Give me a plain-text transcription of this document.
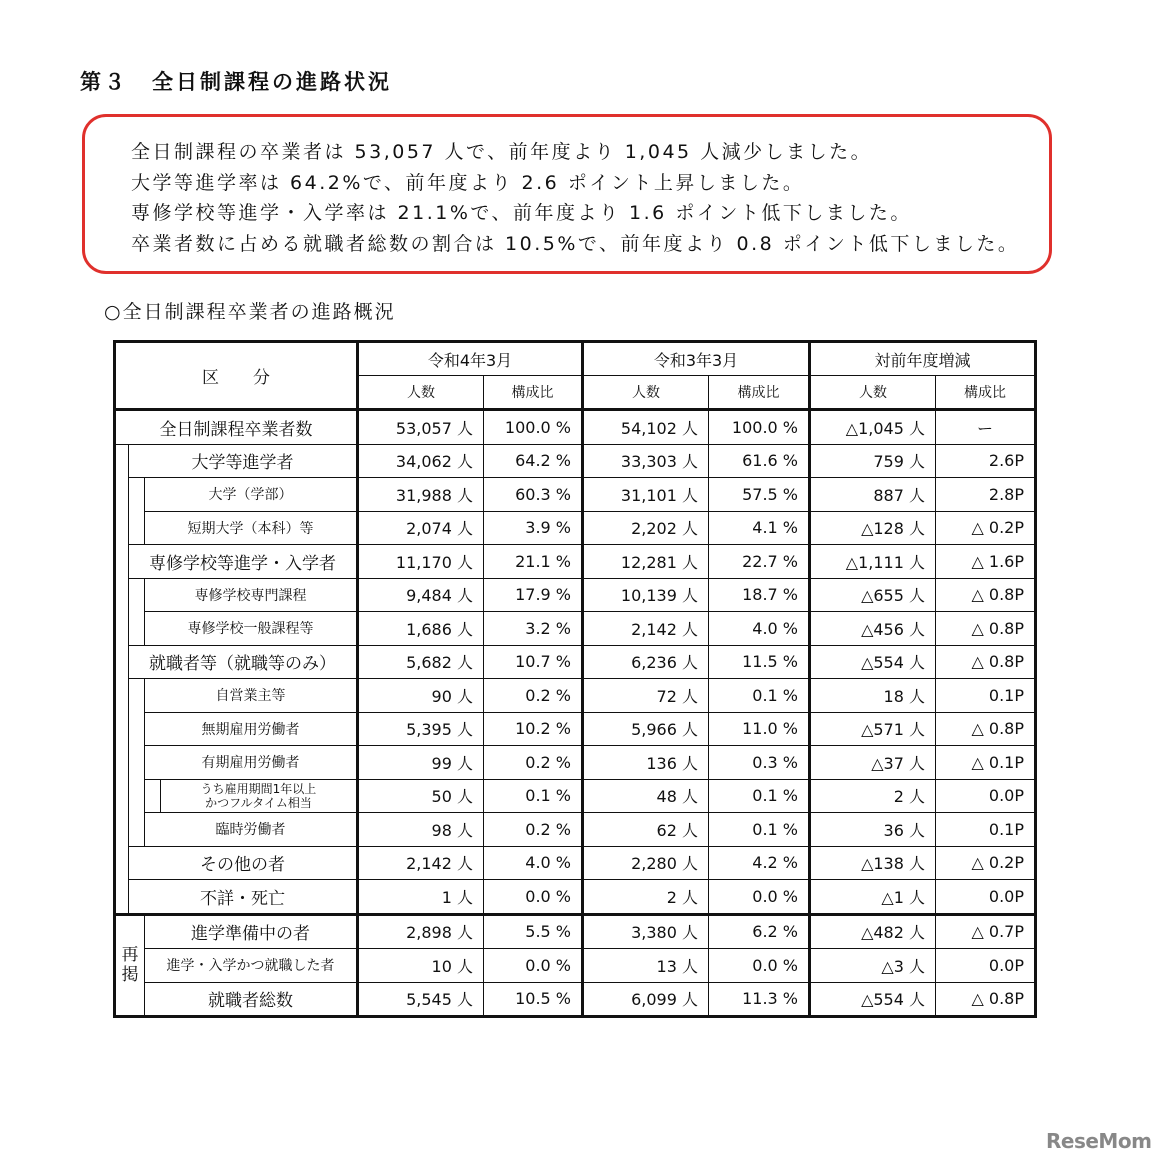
第３　全日制課程の進路状況
全日制課程の卒業者は 53,057 人で、前年度より 1,045 人減少しました。
大学等進学率は 64.2%で、前年度より 2.6 ポイント上昇しました。
専修学校等進学・入学率は 21.1%で、前年度より 1.6 ポイント低下しました。
卒業者数に占める就職者総数の割合は 10.5%で、前年度より 0.8 ポイント低下しました。
○全日制課程卒業者の進路概況
区　　分				令和4年3月		令和3年3月		対前年度増減	
				人数	構成比	人数	構成比	人数	構成比
全日制課程卒業者数				53,057 人	100.0 %	54,102 人	100.0 %	△1,045 人	ー
	大学等進学者			34,062 人	64.2 %	33,303 人	61.6 %	759 人	2.6P
		大学（学部）		31,988 人	60.3 %	31,101 人	57.5 %	887 人	2.8P
		短期大学（本科）等		2,074 人	3.9 %	2,202 人	4.1 %	△128 人	△ 0.2P
	専修学校等進学・入学者			11,170 人	21.1 %	12,281 人	22.7 %	△1,111 人	△ 1.6P
		専修学校専門課程		9,484 人	17.9 %	10,139 人	18.7 %	△655 人	△ 0.8P
		専修学校一般課程等		1,686 人	3.2 %	2,142 人	4.0 %	△456 人	△ 0.8P
	就職者等（就職等のみ）			5,682 人	10.7 %	6,236 人	11.5 %	△554 人	△ 0.8P
		自営業主等		90 人	0.2 %	72 人	0.1 %	18 人	0.1P
		無期雇用労働者		5,395 人	10.2 %	5,966 人	11.0 %	△571 人	△ 0.8P
		有期雇用労働者		99 人	0.2 %	136 人	0.3 %	△37 人	△ 0.1P
			うち雇用期間1年以上
かつフルタイム相当	50 人	0.1 %	48 人	0.1 %	2 人	0.0P
		臨時労働者		98 人	0.2 %	62 人	0.1 %	36 人	0.1P
	その他の者			2,142 人	4.0 %	2,280 人	4.2 %	△138 人	△ 0.2P
	不詳・死亡			1 人	0.0 %	2 人	0.0 %	△1 人	0.0P
再
掲		進学準備中の者		2,898 人	5.5 %	3,380 人	6.2 %	△482 人	△ 0.7P
		進学・入学かつ就職した者		10 人	0.0 %	13 人	0.0 %	△3 人	0.0P
		就職者総数		5,545 人	10.5 %	6,099 人	11.3 %	△554 人	△ 0.8P
ReseMom
